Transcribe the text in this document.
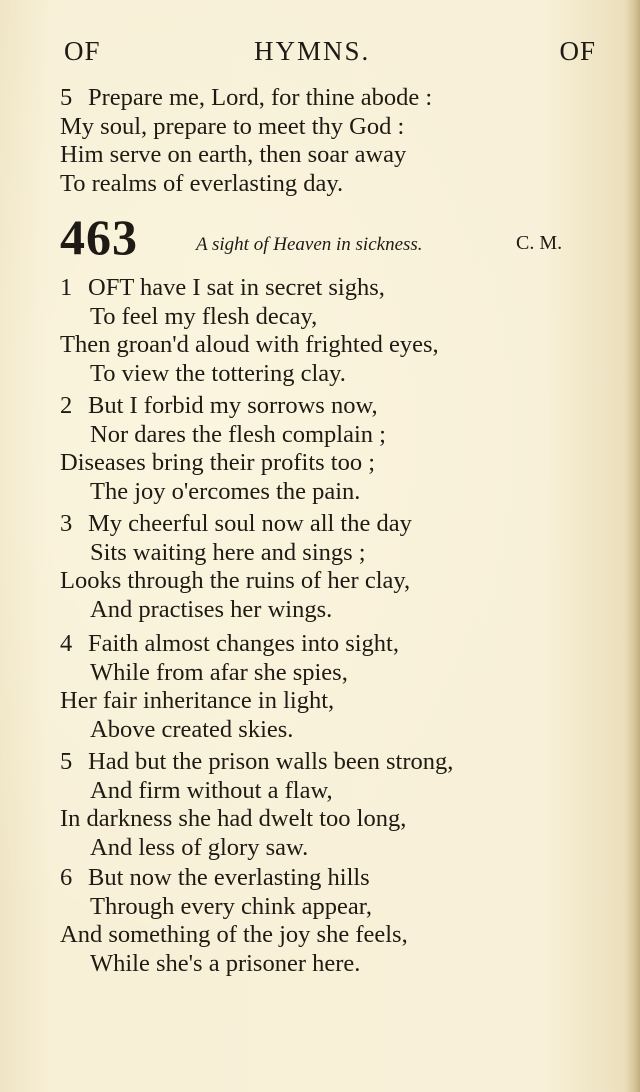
OF	HYMNS.	OF
5 Prepare me, Lord, for thine abode :
My soul, prepare to meet thy God :
Him serve on earth, then soar away
To realms of everlasting day.
463	A sight of Heaven in sickness.	C. M.
1 OFT have I sat in secret sighs,
To feel my flesh decay,
Then groan'd aloud with frighted eyes,
To view the tottering clay.
2 But I forbid my sorrows now,
Nor dares the flesh complain ;
Diseases bring their profits too ;
The joy o'ercomes the pain.
3 My cheerful soul now all the day
Sits waiting here and sings ;
Looks through the ruins of her clay,
And practises her wings.
4 Faith almost changes into sight,
While from afar she spies,
Her fair inheritance in light,
Above created skies.
5 Had but the prison walls been strong,
And firm without a flaw,
In darkness she had dwelt too long,
And less of glory saw.
6 But now the everlasting hills
Through every chink appear,
And something of the joy she feels,
While she's a prisoner here.
